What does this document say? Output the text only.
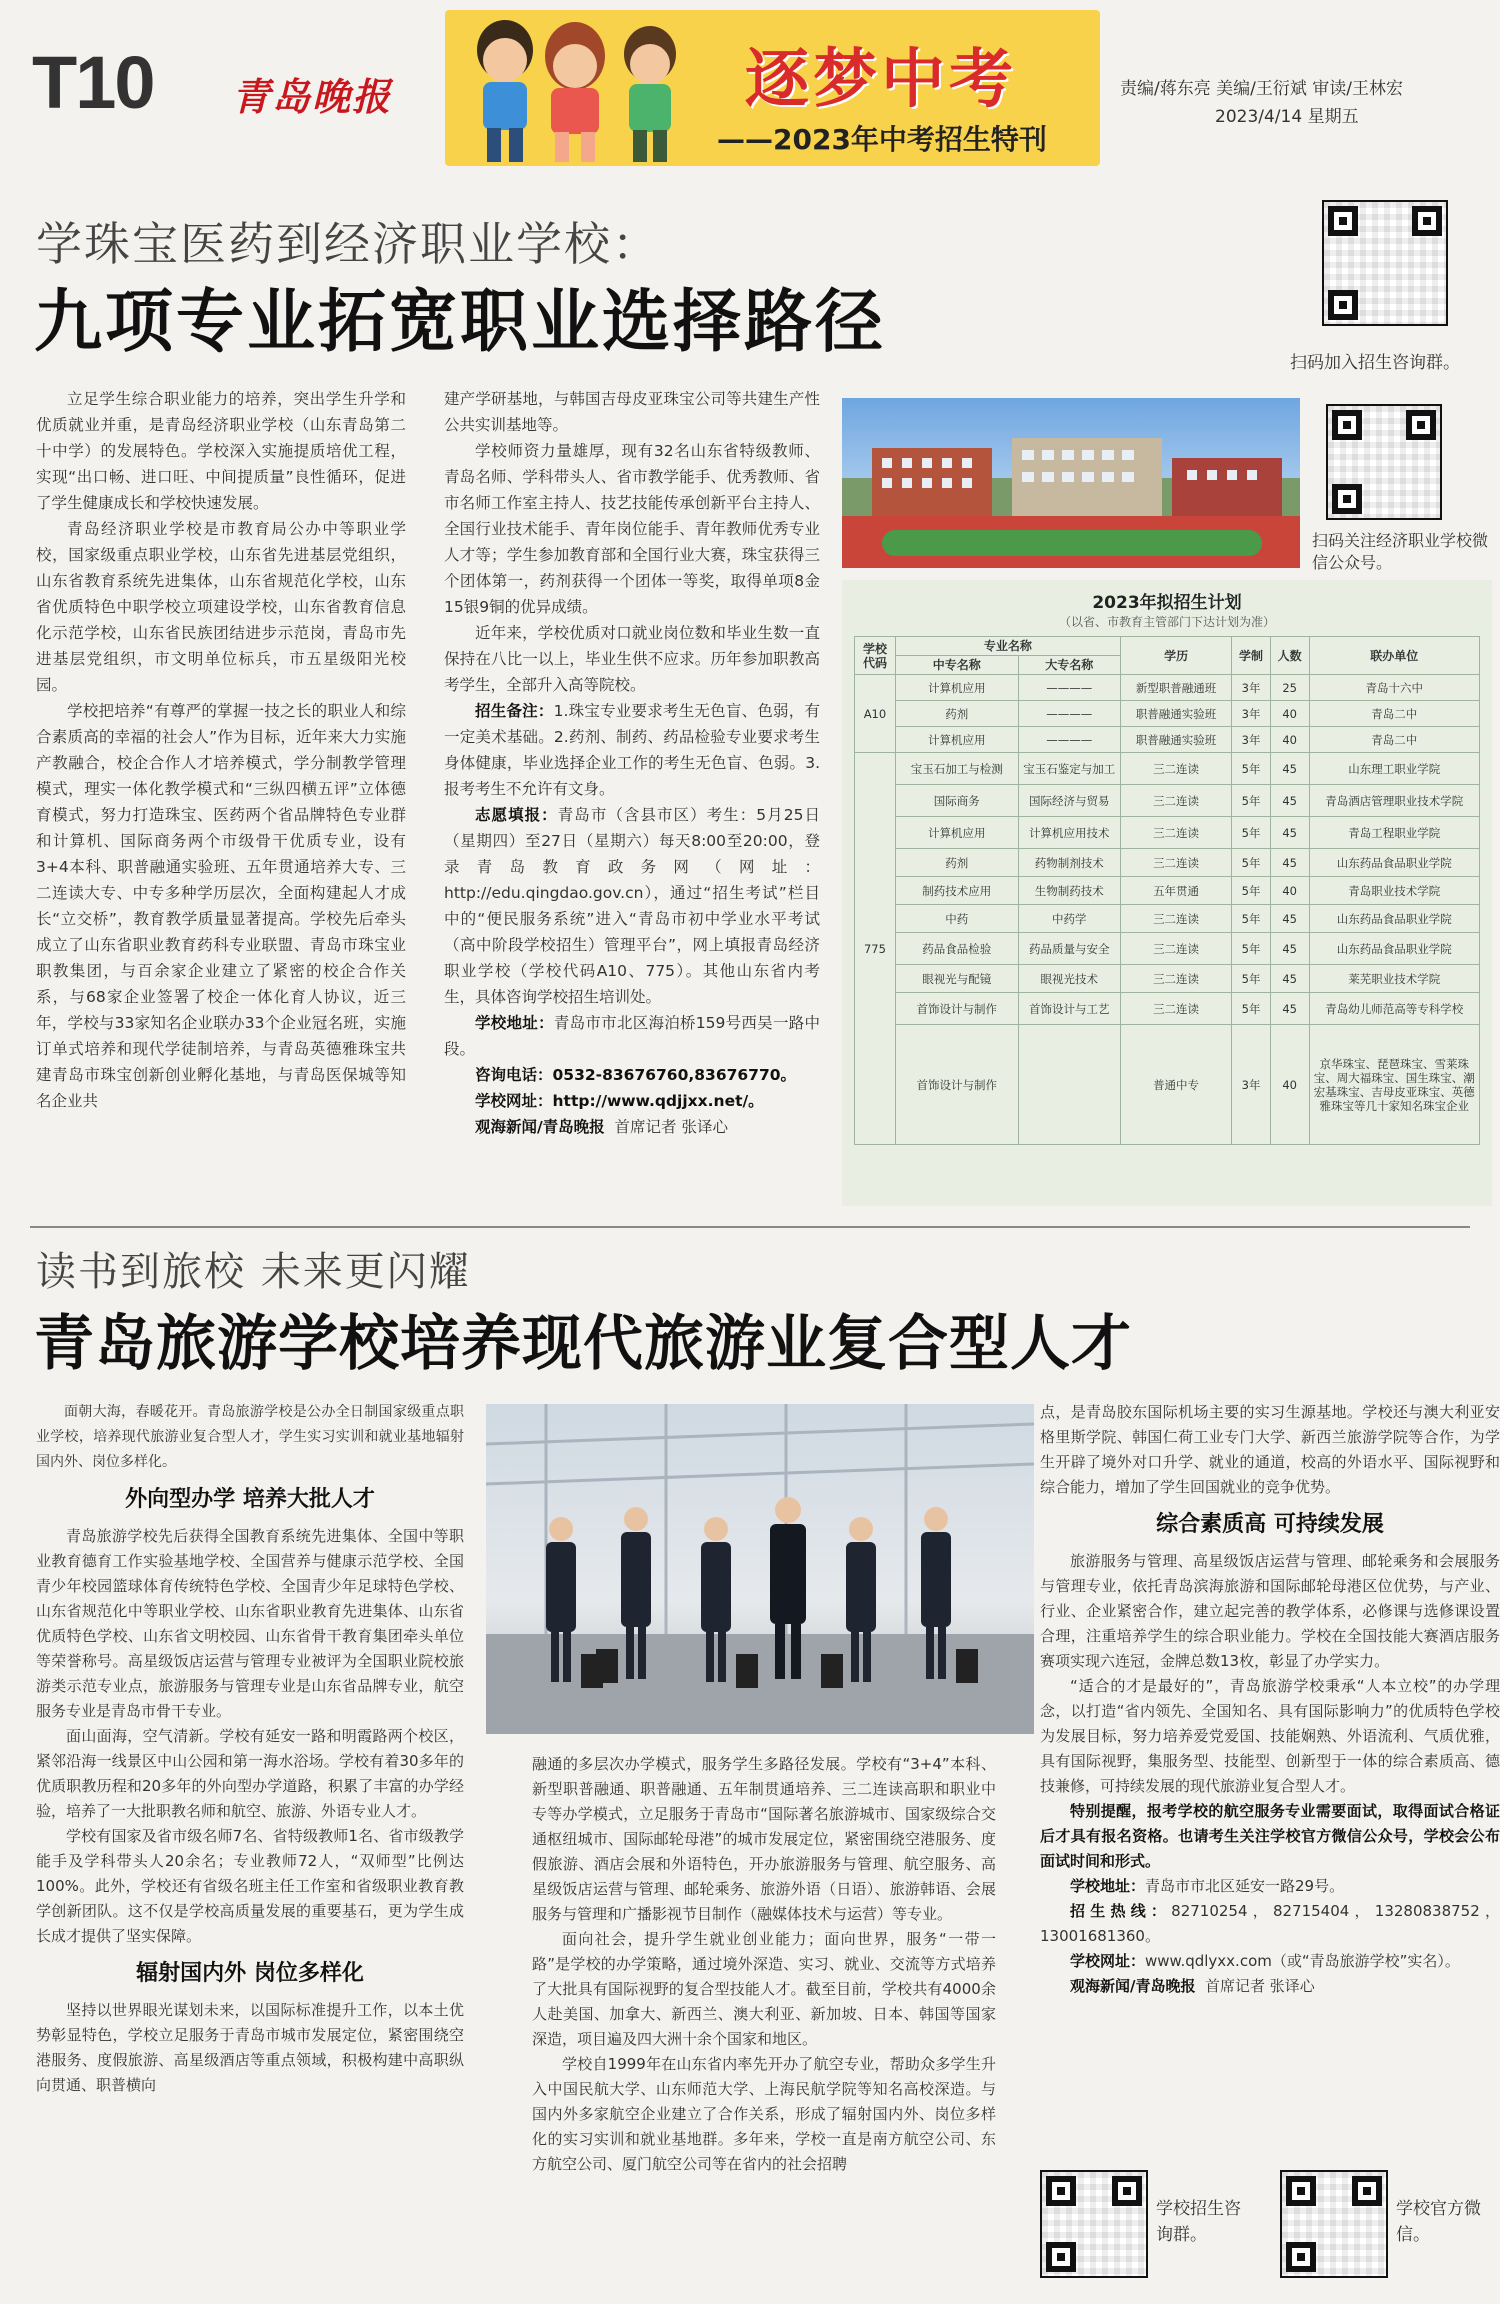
T10 青岛晚报	逐梦中考
——2023年中考招生特刊
责编/蒋东亮 美编/王衍斌 审读/王林宏
2023/4/14 星期五
学珠宝医药到经济职业学校：
九项专业拓宽职业选择路径
扫码加入招生咨询群。

立足学生综合职业能力的培养，突出学生升学和优质就业并重，是青岛经济职业学校（山东青岛第二十中学）的发展特色。学校深入实施提质培优工程，实现“出口畅、进口旺、中间提质量”良性循环，促进了学生健康成长和学校快速发展。

青岛经济职业学校是市教育局公办中等职业学校，国家级重点职业学校，山东省先进基层党组织，山东省教育系统先进集体，山东省规范化学校，山东省优质特色中职学校立项建设学校，山东省教育信息化示范学校，山东省民族团结进步示范岗，青岛市先进基层党组织，市文明单位标兵，市五星级阳光校园。

学校把培养“有尊严的掌握一技之长的职业人和综合素质高的幸福的社会人”作为目标，近年来大力实施产教融合，校企合作人才培养模式，学分制教学管理模式，理实一体化教学模式和“三纵四横五评”立体德育模式，努力打造珠宝、医药两个省品牌特色专业群和计算机、国际商务两个市级骨干优质专业，设有3+4本科、职普融通实验班、五年贯通培养大专、三二连读大专、中专多种学历层次，全面构建起人才成长“立交桥”，教育教学质量显著提高。学校先后牵头成立了山东省职业教育药科专业联盟、青岛市珠宝业职教集团，与百余家企业建立了紧密的校企合作关系，与68家企业签署了校企一体化育人协议，近三年，学校与33家知名企业联办33个企业冠名班，实施订单式培养和现代学徒制培养，与青岛英德雅珠宝共建青岛市珠宝创新创业孵化基地，与青岛医保城等知名企业共

建产学研基地，与韩国吉母皮亚珠宝公司等共建生产性公共实训基地等。

学校师资力量雄厚，现有32名山东省特级教师、青岛名师、学科带头人、省市教学能手、优秀教师、省市名师工作室主持人、技艺技能传承创新平台主持人、全国行业技术能手、青年岗位能手、青年教师优秀专业人才等；学生参加教育部和全国行业大赛，珠宝获得三个团体第一，药剂获得一个团体一等奖，取得单项8金15银9铜的优异成绩。

近年来，学校优质对口就业岗位数和毕业生数一直保持在八比一以上，毕业生供不应求。历年参加职教高考学生，全部升入高等院校。

招生备注：1.珠宝专业要求考生无色盲、色弱，有一定美术基础。2.药剂、制药、药品检验专业要求考生身体健康，毕业选择企业工作的考生无色盲、色弱。3.报考考生不允许有文身。

志愿填报：青岛市（含县市区）考生：5月25日（星期四）至27日（星期六）每天8:00至20:00，登录青岛教育政务网（网址：http://edu.qingdao.gov.cn），通过“招生考试”栏目中的“便民服务系统”进入“青岛市初中学业水平考试（高中阶段学校招生）管理平台”，网上填报青岛经济职业学校（学校代码A10、775）。其他山东省内考生，具体咨询学校招生培训处。

学校地址：青岛市市北区海泊桥159号西吴一路中段。

咨询电话：0532-83676760,83676770。

学校网址：http://www.qdjjxx.net/。

观海新闻/青岛晚报 首席记者 张译心

扫码关注经济职业学校微信公众号。
2023年拟招生计划
（以省、市教育主管部门下达计划为准）
学校代码	专业名称		学历	学制	人数	联办单位
	中专名称	大专名称				
A10	计算机应用	————	新型职普融通班	3年	25	青岛十六中
	药剂	————	职普融通实验班	3年	40	青岛二中
	计算机应用	————	职普融通实验班	3年	40	青岛二中
775	宝玉石加工与检测	宝玉石鉴定与加工	三二连读	5年	45	山东理工职业学院
	国际商务	国际经济与贸易	三二连读	5年	45	青岛酒店管理职业技术学院
	计算机应用	计算机应用技术	三二连读	5年	45	青岛工程职业学院
	药剂	药物制剂技术	三二连读	5年	45	山东药品食品职业学院
	制药技术应用	生物制药技术	五年贯通	5年	40	青岛职业技术学院
	中药	中药学	三二连读	5年	45	山东药品食品职业学院
	药品食品检验	药品质量与安全	三二连读	5年	45	山东药品食品职业学院
	眼视光与配镜	眼视光技术	三二连读	5年	45	莱芜职业技术学院
	首饰设计与制作	首饰设计与工艺	三二连读	5年	45	青岛幼儿师范高等专科学校
	首饰设计与制作		普通中专	3年	40	京华珠宝、琵琶珠宝、雪莱珠宝、周大福珠宝、国生珠宝、潮宏基珠宝、吉母皮亚珠宝、英德雅珠宝等几十家知名珠宝企业
读书到旅校 未来更闪耀
青岛旅游学校培养现代旅游业复合型人才

面朝大海，春暖花开。青岛旅游学校是公办全日制国家级重点职业学校，培养现代旅游业复合型人才，学生实习实训和就业基地辐射国内外、岗位多样化。

外向型办学 培养大批人才

青岛旅游学校先后获得全国教育系统先进集体、全国中等职业教育德育工作实验基地学校、全国营养与健康示范学校、全国青少年校园篮球体育传统特色学校、全国青少年足球特色学校、山东省规范化中等职业学校、山东省职业教育先进集体、山东省优质特色学校、山东省文明校园、山东省骨干教育集团牵头单位等荣誉称号。高星级饭店运营与管理专业被评为全国职业院校旅游类示范专业点，旅游服务与管理专业是山东省品牌专业，航空服务专业是青岛市骨干专业。

面山面海，空气清新。学校有延安一路和明霞路两个校区，紧邻沿海一线景区中山公园和第一海水浴场。学校有着30多年的优质职教历程和20多年的外向型办学道路，积累了丰富的办学经验，培养了一大批职教名师和航空、旅游、外语专业人才。

学校有国家及省市级名师7名、省特级教师1名、省市级教学能手及学科带头人20余名；专业教师72人，“双师型”比例达100%。此外，学校还有省级名班主任工作室和省级职业教育教学创新团队。这不仅是学校高质量发展的重要基石，更为学生成长成才提供了坚实保障。

辐射国内外 岗位多样化

坚持以世界眼光谋划未来，以国际标准提升工作，以本土优势彰显特色，学校立足服务于青岛市城市发展定位，紧密围绕空港服务、度假旅游、高星级酒店等重点领域，积极构建中高职纵向贯通、职普横向

融通的多层次办学模式，服务学生多路径发展。学校有“3+4”本科、新型职普融通、职普融通、五年制贯通培养、三二连读高职和职业中专等办学模式，立足服务于青岛市“国际著名旅游城市、国家级综合交通枢纽城市、国际邮轮母港”的城市发展定位，紧密围绕空港服务、度假旅游、酒店会展和外语特色，开办旅游服务与管理、航空服务、高星级饭店运营与管理、邮轮乘务、旅游外语（日语）、旅游韩语、会展服务与管理和广播影视节目制作（融媒体技术与运营）等专业。

面向社会，提升学生就业创业能力；面向世界，服务“一带一路”是学校的办学策略，通过境外深造、实习、就业、交流等方式培养了大批具有国际视野的复合型技能人才。截至目前，学校共有4000余人赴美国、加拿大、新西兰、澳大利亚、新加坡、日本、韩国等国家深造，项目遍及四大洲十余个国家和地区。

学校自1999年在山东省内率先开办了航空专业，帮助众多学生升入中国民航大学、山东师范大学、上海民航学院等知名高校深造。与国内外多家航空企业建立了合作关系，形成了辐射国内外、岗位多样化的实习实训和就业基地群。多年来，学校一直是南方航空公司、东方航空公司、厦门航空公司等在省内的社会招聘

点，是青岛胶东国际机场主要的实习生源基地。学校还与澳大利亚安格里斯学院、韩国仁荷工业专门大学、新西兰旅游学院等合作，为学生开辟了境外对口升学、就业的通道，校高的外语水平、国际视野和综合能力，增加了学生回国就业的竞争优势。

综合素质高 可持续发展

旅游服务与管理、高星级饭店运营与管理、邮轮乘务和会展服务与管理专业，依托青岛滨海旅游和国际邮轮母港区位优势，与产业、行业、企业紧密合作，建立起完善的教学体系，必修课与选修课设置合理，注重培养学生的综合职业能力。学校在全国技能大赛酒店服务赛项实现六连冠，金牌总数13枚，彰显了办学实力。

“适合的才是最好的”，青岛旅游学校秉承“人本立校”的办学理念，以打造“省内领先、全国知名、具有国际影响力”的优质特色学校为发展目标，努力培养爱党爱国、技能娴熟、外语流利、气质优雅，具有国际视野，集服务型、技能型、创新型于一体的综合素质高、德技兼修，可持续发展的现代旅游业复合型人才。

特别提醒，报考学校的航空服务专业需要面试，取得面试合格证后才具有报名资格。也请考生关注学校官方微信公众号，学校会公布面试时间和形式。

学校地址：青岛市市北区延安一路29号。

招生热线：82710254，82715404，13280838752，13001681360。

学校网址：www.qdlyxx.com（或“青岛旅游学校”实名）。

观海新闻/青岛晚报 首席记者 张译心

学校招生咨询群。
学校官方微信。
